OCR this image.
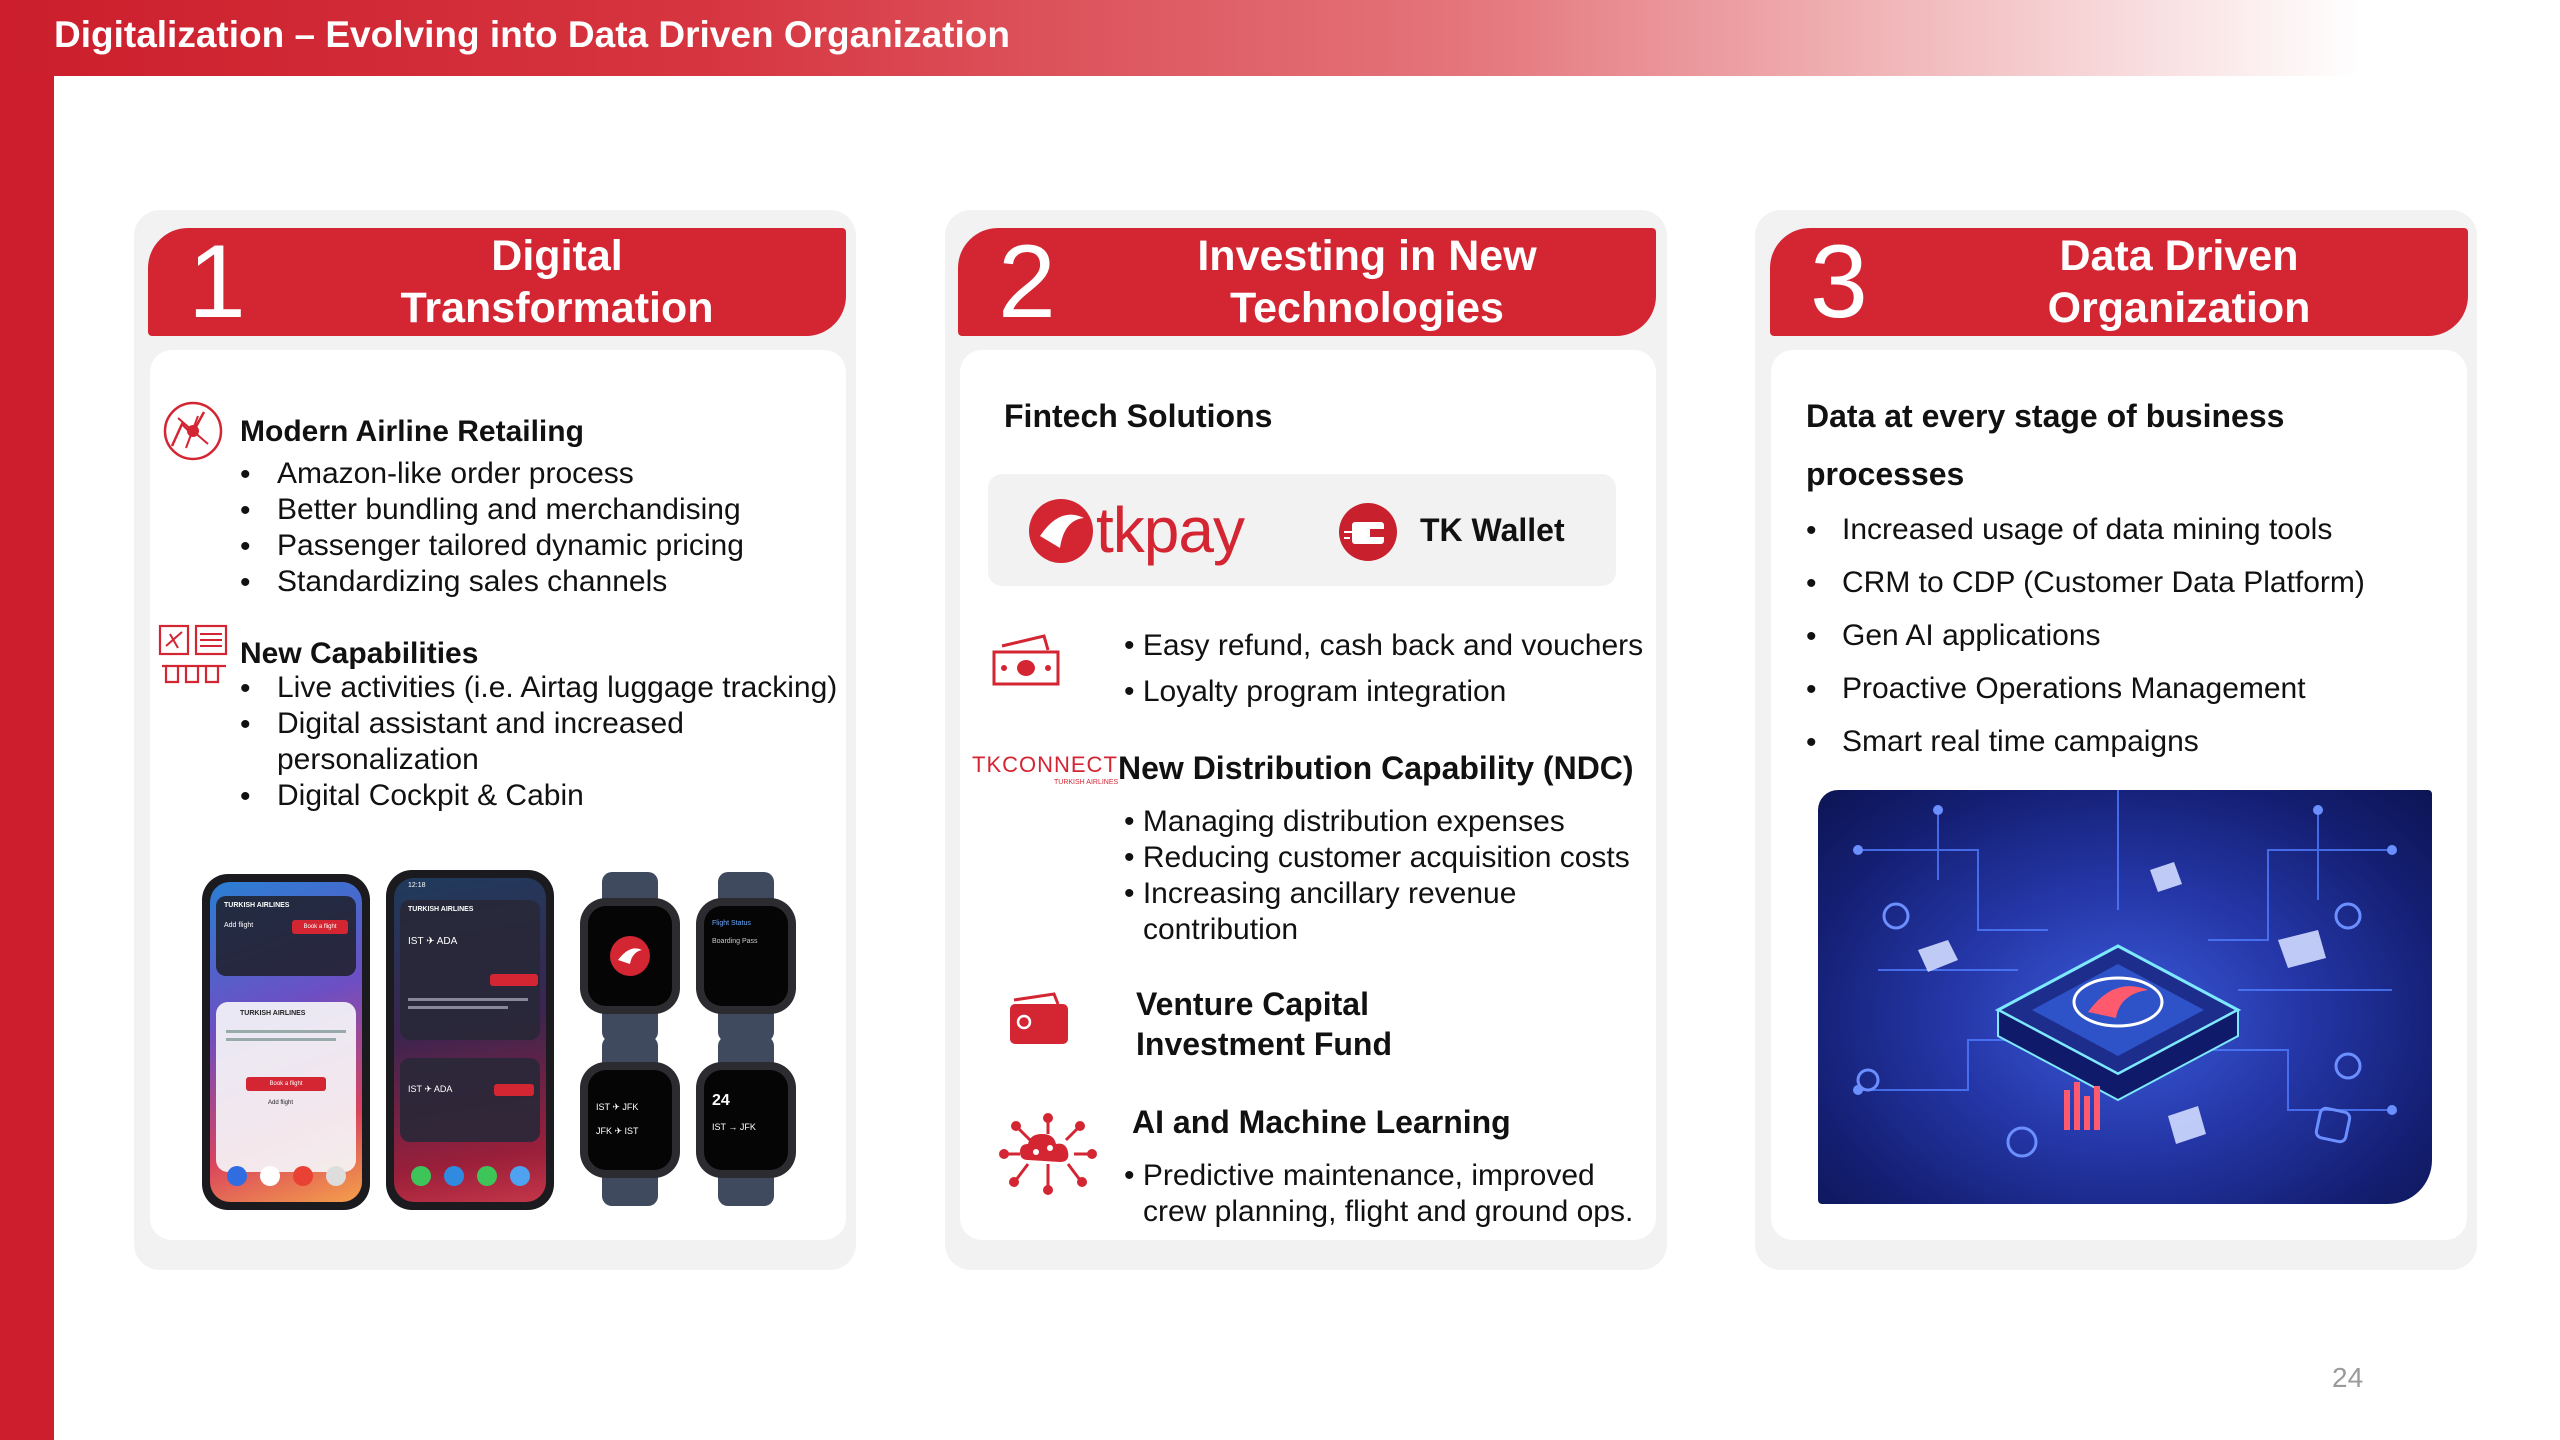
Digitalization – Evolving into Data Driven Organization
24
1	Digital
Transformation	2	Investing in New
Technologies	3	Data Driven
Organization
Modern Airline Retailing
• Amazon-like order process
• Better bundling and merchandising
• Passenger tailored dynamic pricing
• Standardizing sales channels
New Capabilities
• Live activities (i.e. Airtag luggage tracking)
• Digital assistant and increased
personalization
• Digital Cockpit & Cabin
TURKISH AIRLINES
Add flight	Book a flight
TURKISH AIRLINES
Book a flight
Add flight
12:18
TURKISH AIRLINES
IST ✈ ADA
IST ✈ ADA
Flight Status
Boarding Pass
IST ✈ JFK
JFK ✈ IST
24
IST → JFK
Fintech Solutions
tkpay	TK Wallet
• Easy refund, cash back and vouchers
• Loyalty program integration
TKCONNECT
TURKISH AIRLINES New Distribution Capability (NDC)
• Managing distribution expenses
• Reducing customer acquisition costs
• Increasing ancillary revenue
contribution
Venture Capital
Investment Fund
AI and Machine Learning
• Predictive maintenance, improved
crew planning, flight and ground ops.
Data at every stage of business
processes
• Increased usage of data mining tools
• CRM to CDP (Customer Data Platform)
• Gen AI applications
• Proactive Operations Management
• Smart real time campaigns
